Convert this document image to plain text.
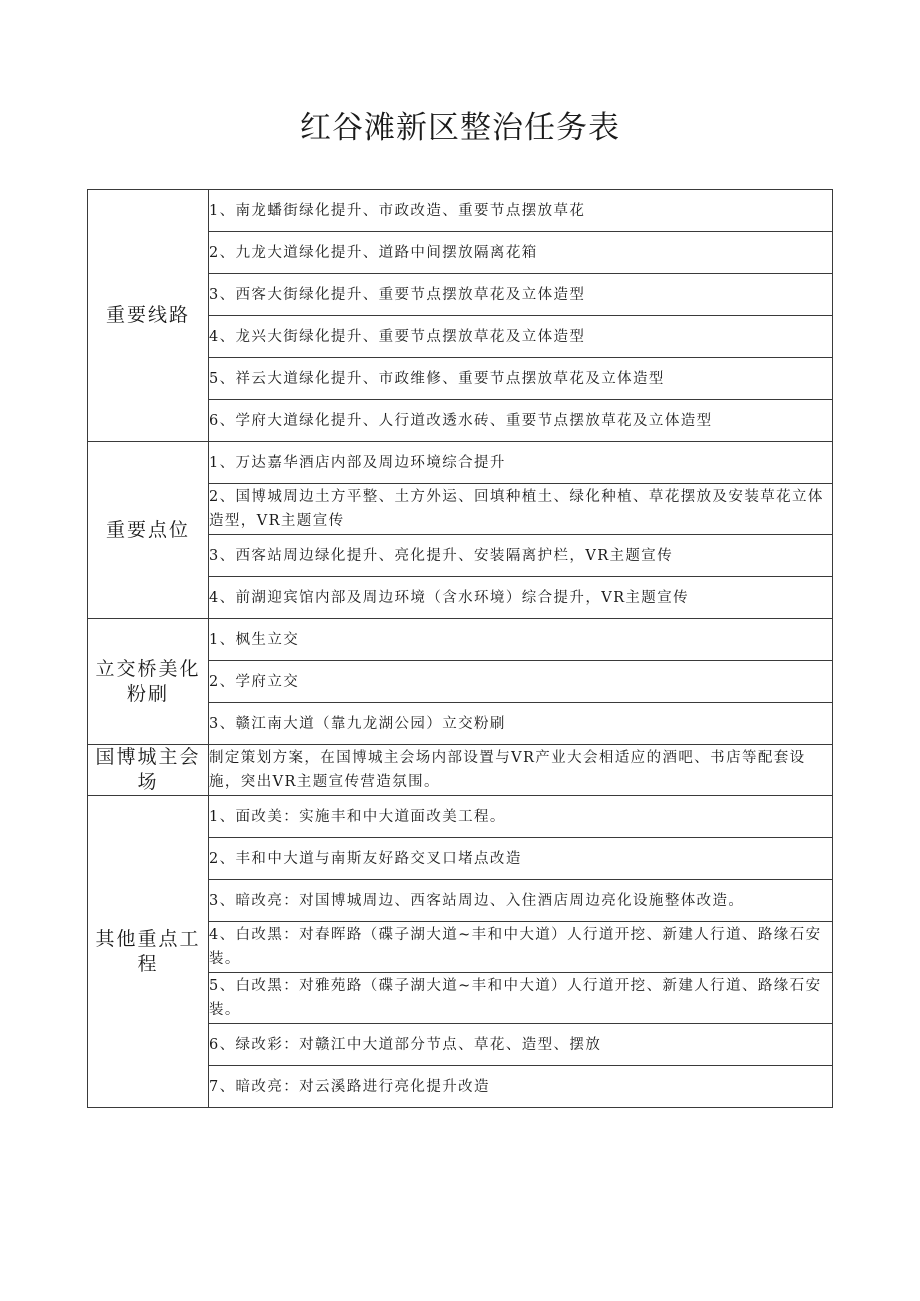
红谷滩新区整治任务表
重要线路	1、南龙蟠街绿化提升、市政改造、重要节点摆放草花
	2、九龙大道绿化提升、道路中间摆放隔离花箱
	3、西客大街绿化提升、重要节点摆放草花及立体造型
	4、龙兴大街绿化提升、重要节点摆放草花及立体造型
	5、祥云大道绿化提升、市政维修、重要节点摆放草花及立体造型
	6、学府大道绿化提升、人行道改透水砖、重要节点摆放草花及立体造型
重要点位	1、万达嘉华酒店内部及周边环境综合提升
	2、国博城周边土方平整、土方外运、回填种植土、绿化种植、草花摆放及安装草花立体造型，VR主题宣传
	3、西客站周边绿化提升、亮化提升、安装隔离护栏，VR主题宣传
	4、前湖迎宾馆内部及周边环境（含水环境）综合提升，VR主题宣传
立交桥美化粉刷	1、枫生立交
	2、学府立交
	3、赣江南大道（靠九龙湖公园）立交粉刷
国博城主会场	制定策划方案，在国博城主会场内部设置与VR产业大会相适应的酒吧、书店等配套设施，突出VR主题宣传营造氛围。
其他重点工程	1、面改美：实施丰和中大道面改美工程。
	2、丰和中大道与南斯友好路交叉口堵点改造
	3、暗改亮：对国博城周边、西客站周边、入住酒店周边亮化设施整体改造。
	4、白改黑：对春晖路（碟子湖大道~丰和中大道）人行道开挖、新建人行道、路缘石安装。
	5、白改黑：对雅苑路（碟子湖大道~丰和中大道）人行道开挖、新建人行道、路缘石安装。
	6、绿改彩：对赣江中大道部分节点、草花、造型、摆放
	7、暗改亮：对云溪路进行亮化提升改造
